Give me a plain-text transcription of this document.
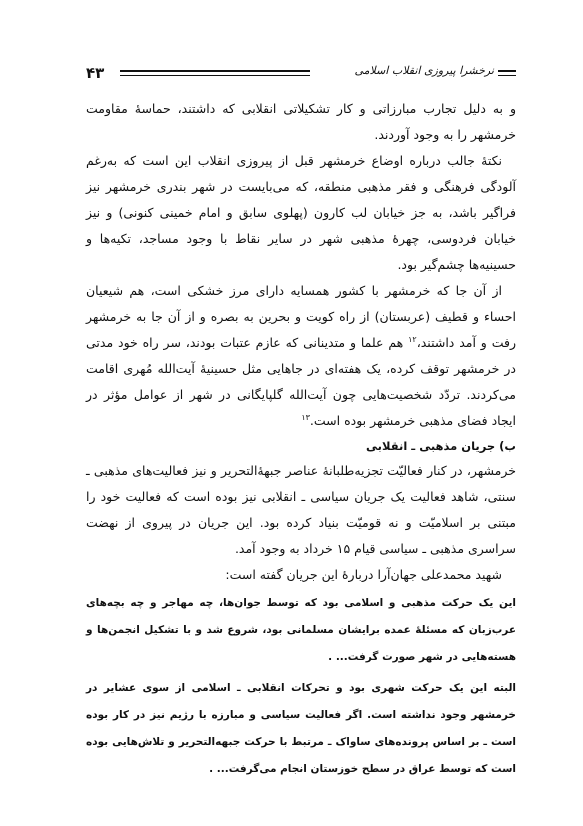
۴۳	نرخشرا پیروزی انقلاب اسلامی

و به دلیل تجارب مبارزاتی و کار تشکیلاتی انقلابی که داشتند، حماسهٔ مقاومت خرمشهر را به وجود آوردند.

نکتهٔ جالب درباره اوضاع خرمشهر قبل از پیروزی انقلاب این است که به‌رغم آلودگی فرهنگی و فقر مذهبی منطقه، که می‌بایست در شهر بندری خرمشهر نیز فراگیر باشد، به جز خیابان لب کارون (پهلوی سابق و امام خمینی کنونی) و نیز خیابان فردوسی، چهرهٔ مذهبی شهر در سایر نقاط با وجود مساجد، تکیه‌ها و حسینیه‌ها چشم‌گیر بود.

از آن جا که خرمشهر با کشور همسایه دارای مرز خشکی است، هم شیعیان احساء و قطیف (عربستان) از راه کویت و بحرین به بصره و از آن جا به خرمشهر رفت و آمد داشتند،$^{۱۲}$ هم علما و متدینانی که عازم عتبات بودند، سر راه خود مدتی در خرمشهر توقف کرده، یک هفته‌ای در جاهایی مثل حسینیهٔ آیت‌الله مُهری اقامت می‌کردند. تردّد شخصیت‌هایی چون آیت‌الله گلپایگانی در شهر از عوامل مؤثر در ایجاد فضای مذهبی خرمشهر بوده است.$^{۱۳}$

ب) جریان مذهبی ـ انقلابی

خرمشهر، در کنار فعالیّت تجزیه‌طلبانهٔ عناصر جبههٔ‌التحریر و نیز فعالیت‌های مذهبی ـ سنتی، شاهد فعالیت یک جریان سیاسی ـ انقلابی نیز بوده است که فعالیت خود را مبتنی بر اسلامیّت و نه قومیّت بنیاد کرده بود. این جریان در پیروی از نهضت سراسری مذهبی ـ سیاسی قیام ۱۵ خرداد به وجود آمد.

شهید محمدعلی جهان‌آرا دربارهٔ این جریان گفته است:

این یک حرکت مذهبی و اسلامی بود که توسط جوان‌ها، چه مهاجر و چه بچه‌های عرب‌زبان که مسئلهٔ عمده برایشان مسلمانی بود، شروع شد و با تشکیل انجمن‌ها و هسته‌هایی در شهر صورت گرفت... .

البته این یک حرکت شهری بود و تحرکات انقلابی ـ اسلامی از سوی عشایر در خرمشهر وجود نداشته است. اگر فعالیت سیاسی و مبارزه با رژیم نیز در کار بوده است ـ بر اساس پرونده‌های ساواک ـ مرتبط با حرکت جبهه‌التحریر و تلاش‌هایی بوده است که توسط عراق در سطح خوزستان انجام می‌گرفت... .
